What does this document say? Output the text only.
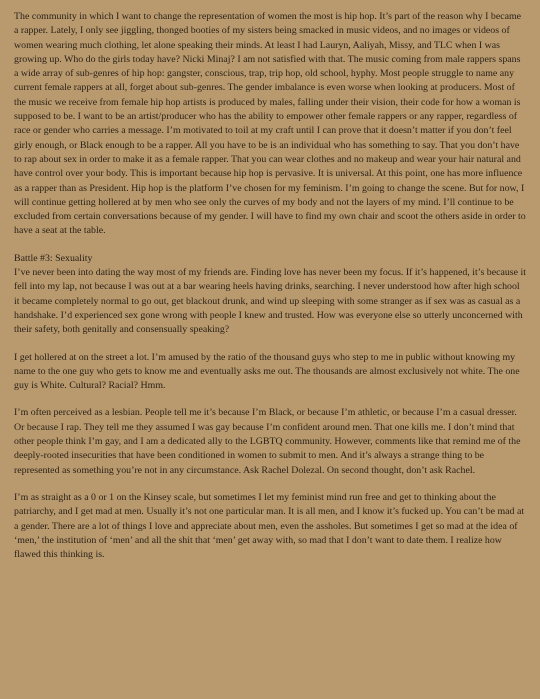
The community in which I want to change the representation of women the most is hip hop. It’s part of the reason why I became a rapper. Lately, I only see jiggling, thonged booties of my sisters being smacked in music videos, and no images or videos of women wearing much clothing, let alone speaking their minds. At least I had Lauryn, Aaliyah, Missy, and TLC when I was growing up. Who do the girls today have? Nicki Minaj? I am not satisfied with that. The music coming from male rappers spans a wide array of sub-genres of hip hop: gangster, conscious, trap, trip hop, old school, hyphy. Most people struggle to name any current female rappers at all, forget about sub-genres. The gender imbalance is even worse when looking at producers. Most of the music we receive from female hip hop artists is produced by males, falling under their vision, their code for how a woman is supposed to be. I want to be an artist/producer who has the ability to empower other female rappers or any rapper, regardless of race or gender who carries a message. I’m motivated to toil at my craft until I can prove that it doesn’t matter if you don’t feel girly enough, or Black enough to be a rapper. All you have to be is an individual who has something to say. That you don’t have to rap about sex in order to make it as a female rapper. That you can wear clothes and no makeup and wear your hair natural and have control over your body. This is important because hip hop is pervasive. It is universal. At this point, one has more influence as a rapper than as President. Hip hop is the platform I’ve chosen for my feminism. I’m going to change the scene. But for now, I will continue getting hollered at by men who see only the curves of my body and not the layers of my mind. I’ll continue to be excluded from certain conversations because of my gender. I will have to find my own chair and scoot the others aside in order to have a seat at the table.

Battle #3: Sexuality

I’ve never been into dating the way most of my friends are. Finding love has never been my focus. If it’s happened, it’s because it fell into my lap, not because I was out at a bar wearing heels having drinks, searching. I never understood how after high school it became completely normal to go out, get blackout drunk, and wind up sleeping with some stranger as if sex was as casual as a handshake. I’d experienced sex gone wrong with people I knew and trusted. How was everyone else so utterly unconcerned with their safety, both genitally and consensually speaking?

I get hollered at on the street a lot. I’m amused by the ratio of the thousand guys who step to me in public without knowing my name to the one guy who gets to know me and eventually asks me out. The thousands are almost exclusively not white. The one guy is White. Cultural? Racial? Hmm.

I’m often perceived as a lesbian. People tell me it’s because I’m Black, or because I’m athletic, or because I’m a casual dresser. Or because I rap. They tell me they assumed I was gay because I’m confident around men. That one kills me. I don’t mind that other people think I’m gay, and I am a dedicated ally to the LGBTQ community. However, comments like that remind me of the deeply-rooted insecurities that have been conditioned in women to submit to men. And it’s always a strange thing to be represented as something you’re not in any circumstance. Ask Rachel Dolezal. On second thought, don’t ask Rachel.

I’m as straight as a 0 or 1 on the Kinsey scale, but sometimes I let my feminist mind run free and get to thinking about the patriarchy, and I get mad at men. Usually it’s not one particular man. It is all men, and I know it’s fucked up. You can’t be mad at a gender. There are a lot of things I love and appreciate about men, even the assholes. But sometimes I get so mad at the idea of ‘men,’ the institution of ‘men’ and all the shit that ‘men’ get away with, so mad that I don’t want to date them. I realize how flawed this thinking is.
